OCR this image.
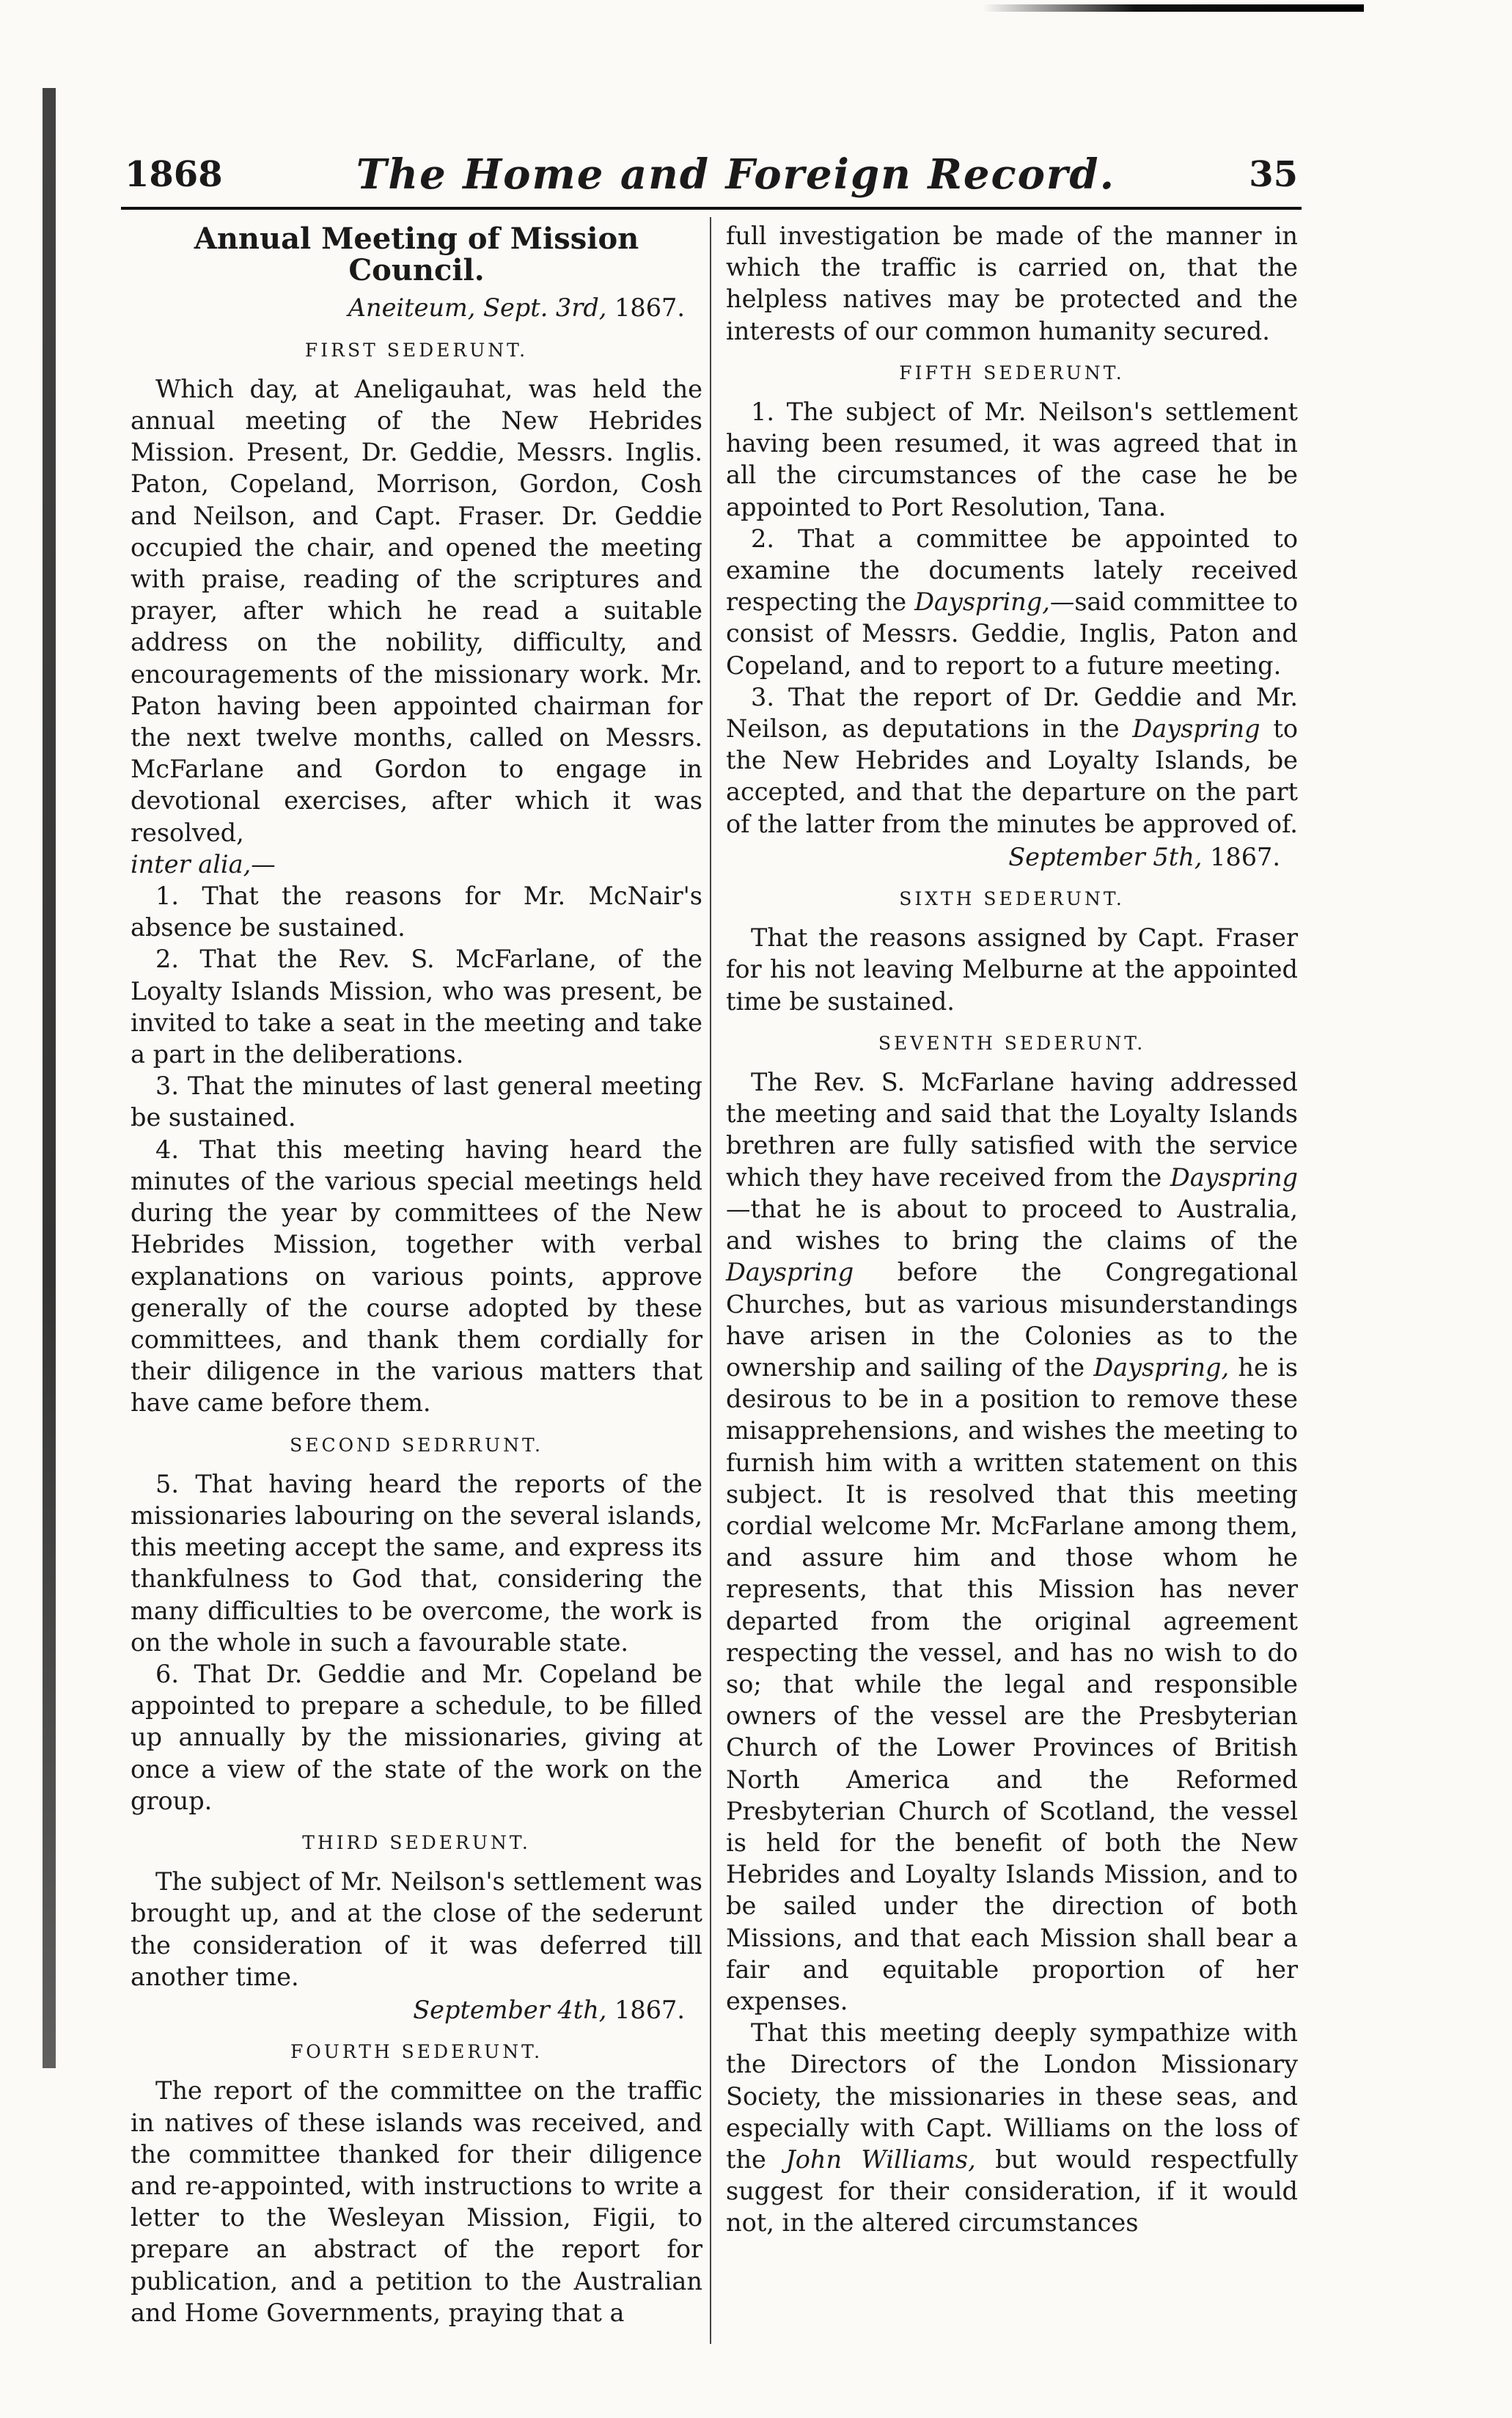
1868	The Home and Foreign Record.	35
Annual Meeting of Mission Council.
Aneiteum, Sept. 3rd, 1867.
FIRST SEDERUNT.

Which day, at Aneligauhat, was held the annual meeting of the New Hebrides Mission. Present, Dr. Geddie, Messrs. Inglis. Paton, Copeland, Morrison, Gordon, Cosh and Neilson, and Capt. Fraser. Dr. Geddie occupied the chair, and opened the meeting with praise, reading of the scriptures and prayer, after which he read a suitable address on the nobility, difficulty, and encouragements of the missionary work. Mr. Paton having been appointed chairman for the next twelve months, called on Messrs. McFarlane and Gordon to engage in devotional exercises, after which it was resolved,
inter alia,—

1. That the reasons for Mr. McNair's absence be sustained.

2. That the Rev. S. McFarlane, of the Loyalty Islands Mission, who was present, be invited to take a seat in the meeting and take a part in the deliberations.

3. That the minutes of last general meeting be sustained.

4. That this meeting having heard the minutes of the various special meetings held during the year by committees of the New Hebrides Mission, together with verbal explanations on various points, approve generally of the course adopted by these committees, and thank them cordially for their diligence in the various matters that have came before them.

SECOND SEDRRUNT.

5. That having heard the reports of the missionaries labouring on the several islands, this meeting accept the same, and express its thankfulness to God that, considering the many difficulties to be overcome, the work is on the whole in such a favourable state.

6. That Dr. Geddie and Mr. Copeland be appointed to prepare a schedule, to be filled up annually by the missionaries, giving at once a view of the state of the work on the group.

THIRD SEDERUNT.

The subject of Mr. Neilson's settlement was brought up, and at the close of the sederunt the consideration of it was deferred till another time.

September 4th, 1867.
FOURTH SEDERUNT.

The report of the committee on the traffic in natives of these islands was received, and the committee thanked for their diligence and re-appointed, with instructions to write a letter to the Wesleyan Mission, Figii, to prepare an abstract of the report for publication, and a petition to the Australian and Home Governments, praying that a

full investigation be made of the manner in which the traffic is carried on, that the helpless natives may be protected and the interests of our common humanity secured.

FIFTH SEDERUNT.

1. The subject of Mr. Neilson's settlement having been resumed, it was agreed that in all the circumstances of the case he be appointed to Port Resolution, Tana.

2. That a committee be appointed to examine the documents lately received respecting the Dayspring,—said committee to consist of Messrs. Geddie, Inglis, Paton and Copeland, and to report to a future meeting.

3. That the report of Dr. Geddie and Mr. Neilson, as deputations in the Dayspring to the New Hebrides and Loyalty Islands, be accepted, and that the departure on the part of the latter from the minutes be approved of.

September 5th, 1867.
SIXTH SEDERUNT.

That the reasons assigned by Capt. Fraser for his not leaving Melburne at the appointed time be sustained.

SEVENTH SEDERUNT.

The Rev. S. McFarlane having addressed the meeting and said that the Loyalty Islands brethren are fully satisfied with the service which they have received from the Dayspring—that he is about to proceed to Australia, and wishes to bring the claims of the Dayspring before the Congregational Churches, but as various misunderstandings have arisen in the Colonies as to the ownership and sailing of the Dayspring, he is desirous to be in a position to remove these misapprehensions, and wishes the meeting to furnish him with a written statement on this subject. It is resolved that this meeting cordial welcome Mr. McFarlane among them, and assure him and those whom he represents, that this Mission has never departed from the original agreement respecting the vessel, and has no wish to do so; that while the legal and responsible owners of the vessel are the Presbyterian Church of the Lower Provinces of British North America and the Reformed Presbyterian Church of Scotland, the vessel is held for the benefit of both the New Hebrides and Loyalty Islands Mission, and to be sailed under the direction of both Missions, and that each Mission shall bear a fair and equitable proportion of her expenses.

That this meeting deeply sympathize with the Directors of the London Missionary Society, the missionaries in these seas, and especially with Capt. Williams on the loss of the John Williams, but would respectfully suggest for their consideration, if it would not, in the altered circumstances
